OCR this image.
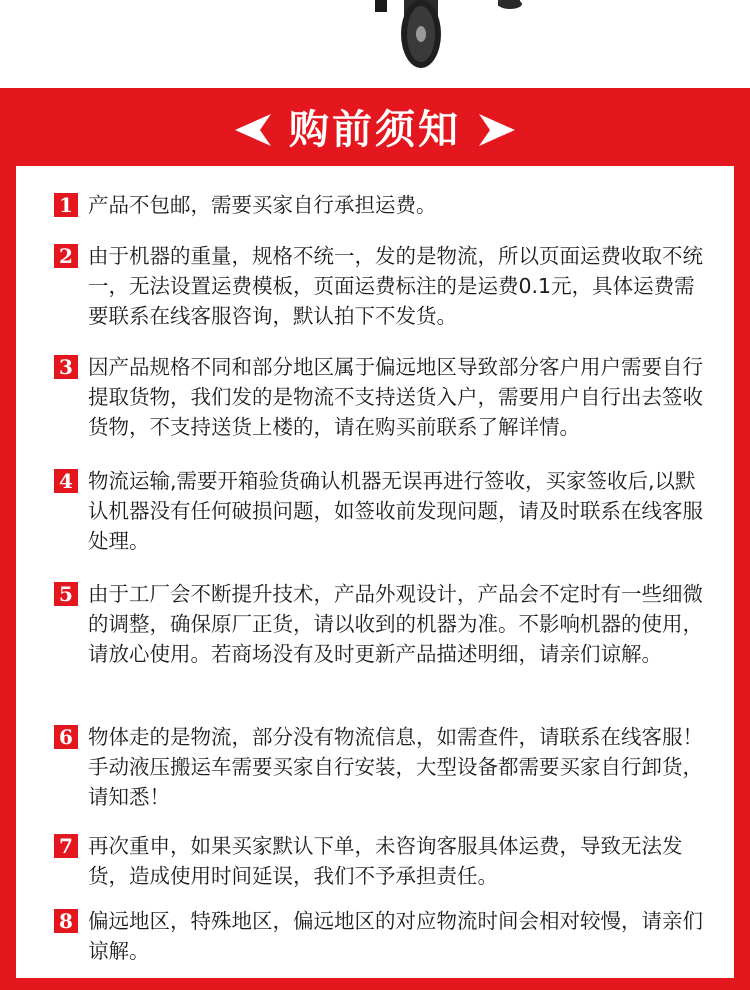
购前须知
1 产品不包邮，需要买家自行承担运费。
2 由于机器的重量，规格不统一，发的是物流，所以页面运费收取不统一，无法设置运费模板，页面运费标注的是运费0.1元，具体运费需要联系在线客服咨询，默认拍下不发货。
3 因产品规格不同和部分地区属于偏远地区导致部分客户用户需要自行提取货物，我们发的是物流不支持送货入户，需要用户自行出去签收货物，不支持送货上楼的，请在购买前联系了解详情。
4 物流运输,需要开箱验货确认机器无误再进行签收，买家签收后,以默认机器没有任何破损问题，如签收前发现问题，请及时联系在线客服处理。
5 由于工厂会不断提升技术，产品外观设计，产品会不定时有一些细微的调整，确保原厂正货，请以收到的机器为准。不影响机器的使用，请放心使用。若商场没有及时更新产品描述明细，请亲们谅解。
6 物体走的是物流，部分没有物流信息，如需查件，请联系在线客服！手动液压搬运车需要买家自行安装，大型设备都需要买家自行卸货，请知悉！
7 再次重申，如果买家默认下单，未咨询客服具体运费，导致无法发货，造成使用时间延误，我们不予承担责任。
8 偏远地区，特殊地区，偏远地区的对应物流时间会相对较慢，请亲们谅解。
